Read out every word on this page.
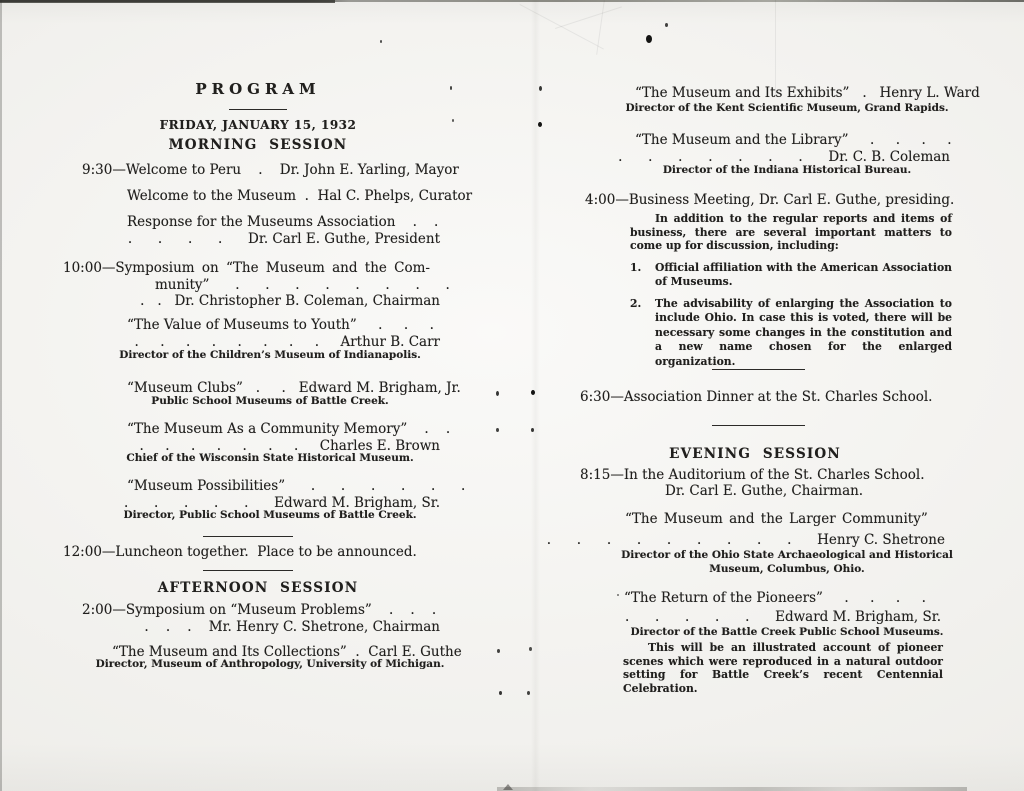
PROGRAM
FRIDAY, JANUARY 15, 1932
MORNING  SESSION
9:30—Welcome to Peru    .    Dr. John E. Yarling, Mayor
Welcome to the Museum  .  Hal C. Phelps, Curator
Response for the Museums Association    .    .
.      .      .      .      Dr. Carl E. Guthe, President
10:00—Symposium on “The Museum and the Com-
munity”      .      .      .      .      .      .      .      .
.   .   Dr. Christopher B. Coleman, Chairman
“The Value of Museums to Youth”     .     .     .
.     .     .     .     .     .     .     .     Arthur B. Carr
Director of the Children’s Museum of Indianapolis.
“Museum Clubs”   .     .   Edward M. Brigham, Jr.
Public School Museums of Battle Creek.
“The Museum As a Community Memory”    .    .
.     .     .     .     .     .     .     Charles E. Brown
Chief of the Wisconsin State Historical Museum.
“Museum Possibilities”      .      .      .      .      .      .
.      .      .      .      .      Edward M. Brigham, Sr.
Director, Public School Museums of Battle Creek.
12:00—Luncheon together.  Place to be announced.
AFTERNOON  SESSION
2:00—Symposium on “Museum Problems”    .    .    .
.    .    .    Mr. Henry C. Shetrone, Chairman
“The Museum and Its Collections”  .  Carl E. Guthe
Director, Museum of Anthropology, University of Michigan.
“The Museum and Its Exhibits”   .   Henry L. Ward
Director of the Kent Scientific Museum, Grand Rapids.
“The Museum and the Library”     .     .     .     .
.      .      .      .      .      .      .      Dr. C. B. Coleman
Director of the Indiana Historical Bureau.
4:00—Business Meeting, Dr. Carl E. Guthe, presiding.
In addition to the regular reports and items of business, there are several important matters to come up for discussion, including:
1.	Official affiliation with the American Association of Museums.
2.	The advisability of enlarging the Association to include Ohio. In case this is voted, there will be necessary some changes in the constitution and a new name chosen for the enlarged organization.
6:30—Association Dinner at the St. Charles School.
EVENING  SESSION
8:15—In the Auditorium of the St. Charles School.
Dr. Carl E. Guthe, Chairman.
“The Museum and the Larger Community”
.      .      .      .      .      .      .      .      .      Henry C. Shetrone
Director of the Ohio State Archaeological and Historical
Museum, Columbus, Ohio.
“The Return of the Pioneers”     .     .     .     .
.      .      .      .      .      Edward M. Brigham, Sr.
Director of the Battle Creek Public School Museums.
This will be an illustrated account of pioneer scenes which were reproduced in a natural outdoor setting for Battle Creek’s recent Centennial Celebration.
